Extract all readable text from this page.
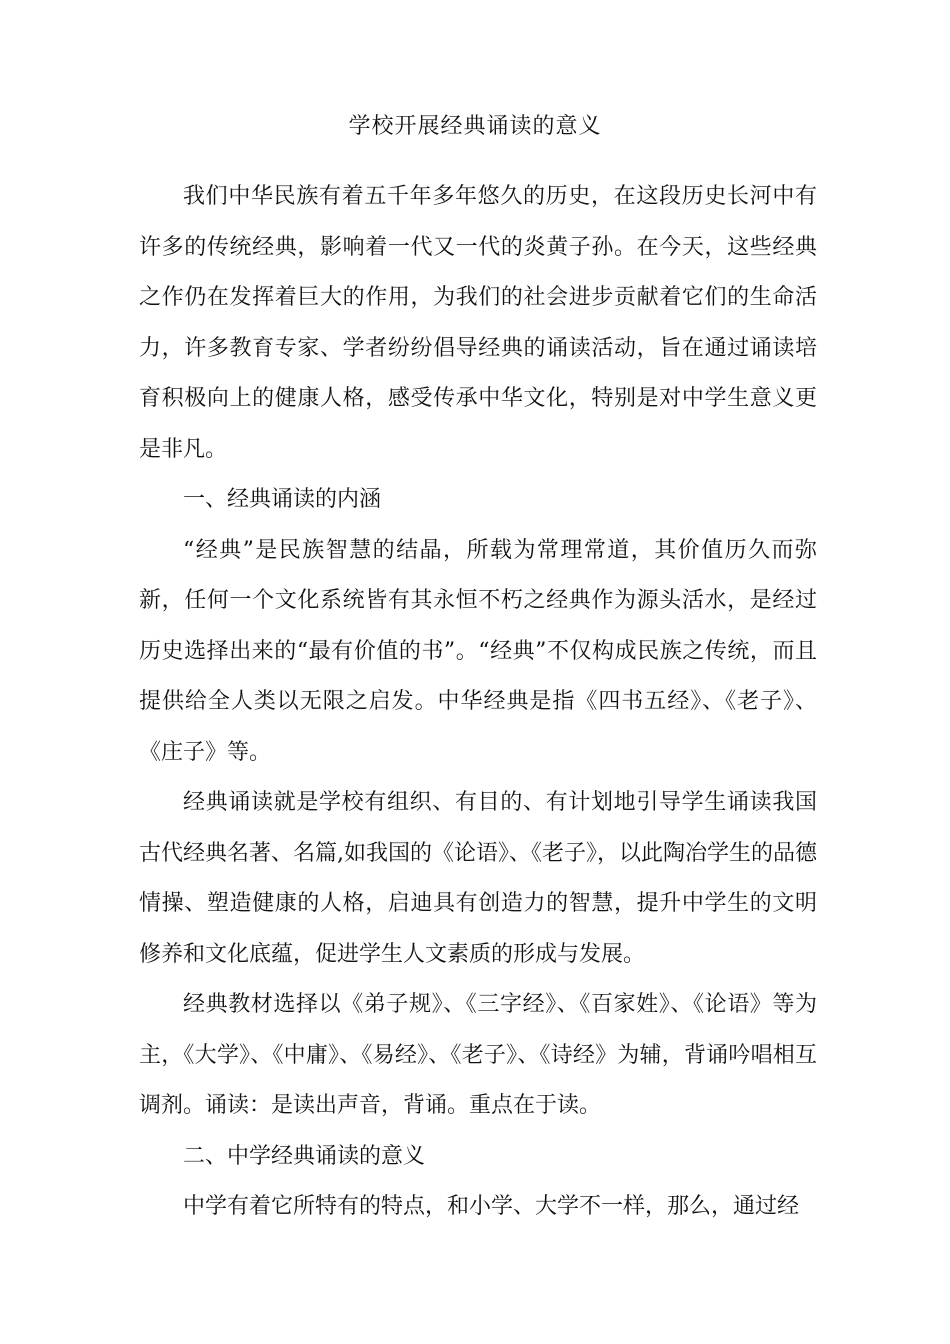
学校开展经典诵读的意义

我们中华民族有着五千年多年悠久的历史，在这段历史长河中有许多的传统经典，影响着一代又一代的炎黄子孙。在今天，这些经典之作仍在发挥着巨大的作用，为我们的社会进步贡献着它们的生命活力，许多教育专家、学者纷纷倡导经典的诵读活动，旨在通过诵读培育积极向上的健康人格，感受传承中华文化，特别是对中学生意义更是非凡。

一、经典诵读的内涵

“经典”是民族智慧的结晶，所载为常理常道，其价值历久而弥新，任何一个文化系统皆有其永恒不朽之经典作为源头活水，是经过历史选择出来的“最有价值的书”。“经典”不仅构成民族之传统，而且提供给全人类以无限之启发。中华经典是指《四书五经》、《老子》、《庄子》等。

经典诵读就是学校有组织、有目的、有计划地引导学生诵读我国古代经典名著、名篇,如我国的《论语》、《老子》，以此陶冶学生的品德情操、塑造健康的人格，启迪具有创造力的智慧，提升中学生的文明修养和文化底蕴，促进学生人文素质的形成与发展。

经典教材选择以《弟子规》、《三字经》、《百家姓》、《论语》等为主，《大学》、《中庸》、《易经》、《老子》、《诗经》为辅，背诵吟唱相互调剂。诵读：是读出声音，背诵。重点在于读。

二、中学经典诵读的意义

中学有着它所特有的特点，和小学、大学不一样，那么，通过经
